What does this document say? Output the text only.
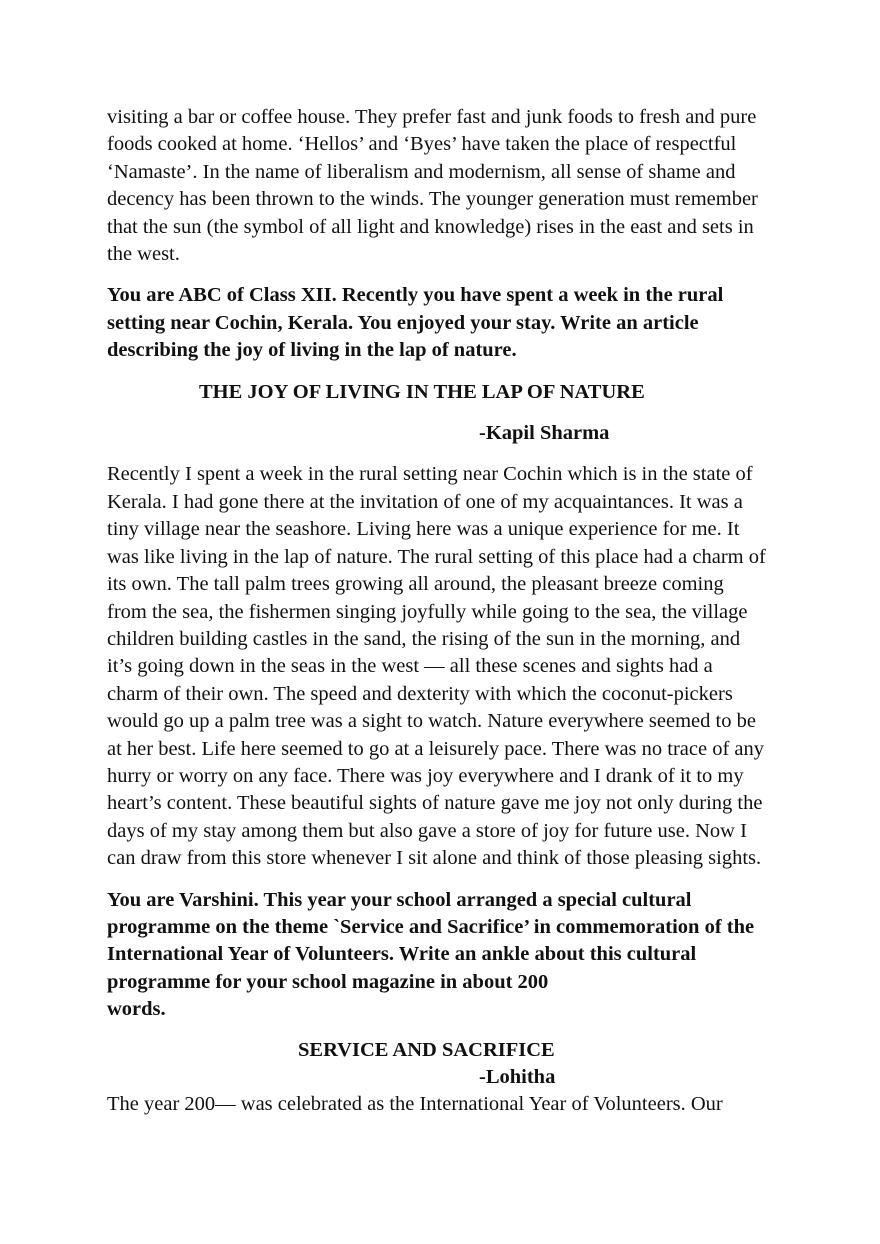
visiting a bar or coffee house. They prefer fast and junk foods to fresh and pure

foods cooked at home. ‘Hellos’ and ‘Byes’ have taken the place of respectful

‘Namaste’. In the name of liberalism and modernism, all sense of shame and

decency has been thrown to the winds. The younger generation must remember

that the sun (the symbol of all light and knowledge) rises in the east and sets in

the west.

You are ABC of Class XII. Recently you have spent a week in the rural

setting near Cochin, Kerala. You enjoyed your stay. Write an article

describing the joy of living in the lap of nature.

THE JOY OF LIVING IN THE LAP OF NATURE

-Kapil Sharma

Recently I spent a week in the rural setting near Cochin which is in the state of

Kerala. I had gone there at the invitation of one of my acquaintances. It was a

tiny village near the seashore. Living here was a unique experience for me. It

was like living in the lap of nature. The rural setting of this place had a charm of

its own. The tall palm trees growing all around, the pleasant breeze coming

from the sea, the fishermen singing joyfully while going to the sea, the village

children building castles in the sand, the rising of the sun in the morning, and

it’s going down in the seas in the west — all these scenes and sights had a

charm of their own. The speed and dexterity with which the coconut-pickers

would go up a palm tree was a sight to watch. Nature everywhere seemed to be

at her best. Life here seemed to go at a leisurely pace. There was no trace of any

hurry or worry on any face. There was joy everywhere and I drank of it to my

heart’s content. These beautiful sights of nature gave me joy not only during the

days of my stay among them but also gave a store of joy for future use. Now I

can draw from this store whenever I sit alone and think of those pleasing sights.

You are Varshini. This year your school arranged a special cultural

programme on the theme `Service and Sacrifice’ in commemoration of the

International Year of Volunteers. Write an ankle about this cultural

programme for your school magazine in about 200

words.

SERVICE AND SACRIFICE

-Lohitha

The year 200— was celebrated as the International Year of Volunteers. Our
